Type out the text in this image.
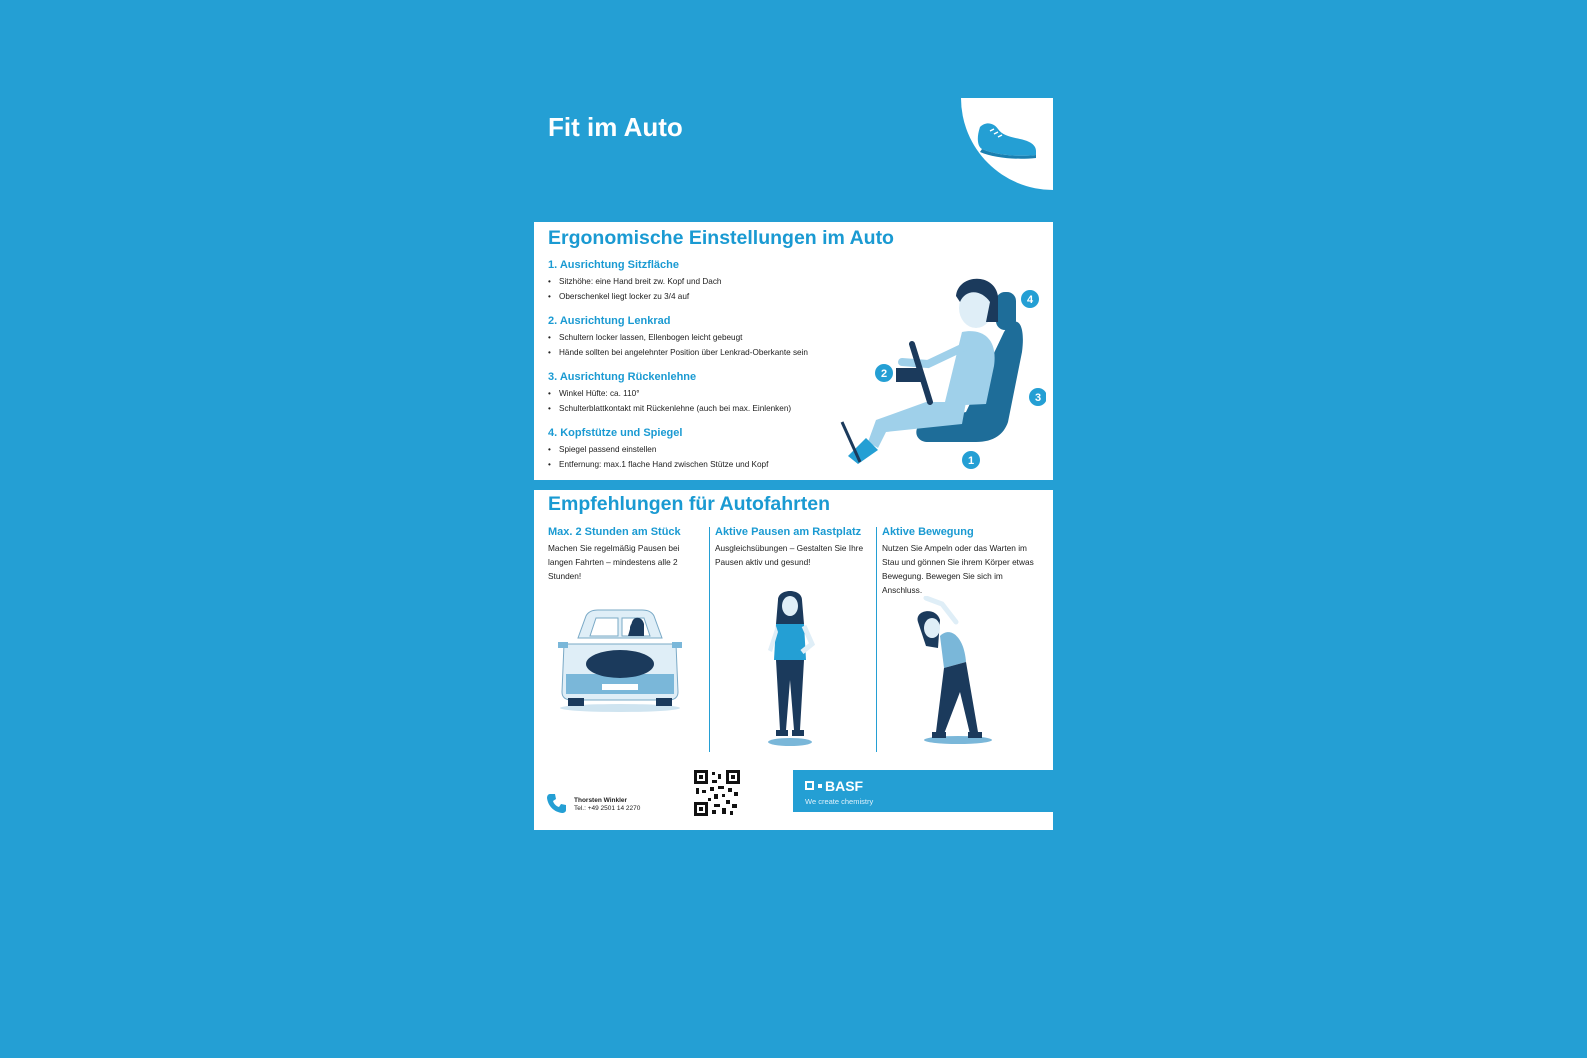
Fit im Auto
Ergonomische Einstellungen im Auto

1. Ausrichtung Sitzfläche

• Sitzhöhe: eine Hand breit zw. Kopf und Dach
• Oberschenkel liegt locker zu 3/4 auf

2. Ausrichtung Lenkrad

• Schultern locker lassen, Ellenbogen leicht gebeugt
• Hände sollten bei angelehnter Position über Lenkrad-Oberkante sein

3. Ausrichtung Rückenlehne

• Winkel Hüfte: ca. 110°
• Schulterblattkontakt mit Rückenlehne (auch bei max. Einlenken)

4. Kopfstütze und Spiegel

• Spiegel passend einstellen
• Entfernung: max.1 flache Hand zwischen Stütze und Kopf	1
2
3
4
Empfehlungen für Autofahrten

Max. 2 Stunden am Stück

Machen Sie regelmäßig Pausen bei langen Fahrten – mindestens alle 2 Stunden!

Aktive Pausen am Rastplatz

Ausgleichsübungen – Gestalten Sie Ihre Pausen aktiv und gesund!

Aktive Bewegung

Nutzen Sie Ampeln oder das Warten im Stau und gönnen Sie ihrem Körper etwas Bewegung. Bewegen Sie sich im Anschluss.

Thorsten Winkler
Tel.: +49 2501 14 2270
BASF
We create chemistry
